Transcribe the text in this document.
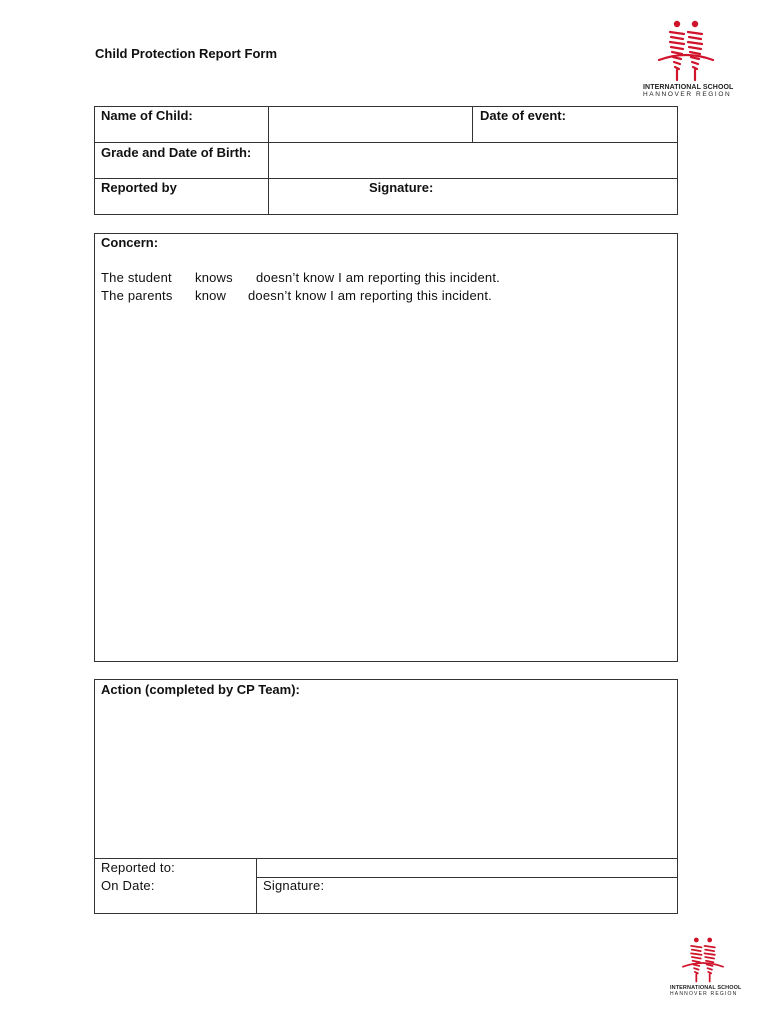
Child Protection Report Form
INTERNATIONAL SCHOOL
HANNOVER REGION
Name of Child:	Date of event:
Grade and Date of Birth:
Reported by	Signature:
Concern:
The student knows doesn’t know I am reporting this incident.
The parents know doesn’t know I am reporting this incident.
Action (completed by CP Team):
Reported to:
On Date:	Signature:
INTERNATIONAL SCHOOL
HANNOVER REGION
